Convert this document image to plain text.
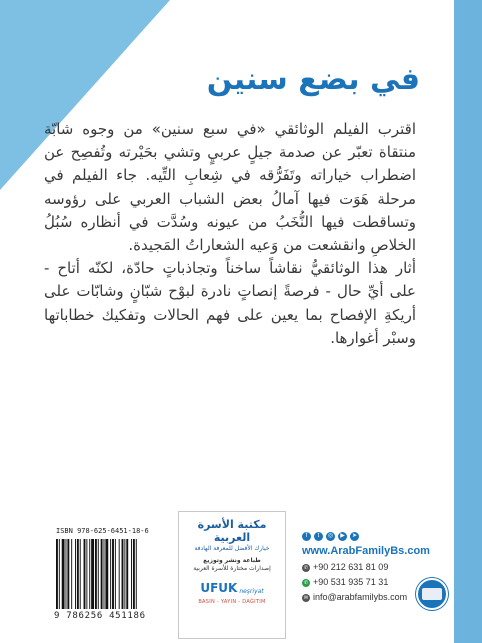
في بضع سنين

اقترب الفيلم الوثائقي «في سبع سنين» من وجوه شابّة منتقاة تعبّر عن صدمة جيلٍ عربيٍ وتشي بحَيْرته وتُفصِح عن اضطراب خياراته وتَفَرُّقه في شِعابِ التِّيه. جاء الفيلم في مرحلة هَوَت فيها آمالُ بعض الشباب العربي على رؤوسه وتساقطت فيها النُّخَبُ من عيونه وسُدَّت في أنظاره سُبُلُ الخلاصِ وانقشعت من وَعيه الشعاراتُ المَجيدة.

أثار هذا الوثائقيُّ نقاشاً ساخناً وتجاذباتٍ حادّة، لكنّه أتاح - على أيِّ حال - فرصةً إنصاتٍ نادرة لبوْح شبّانٍ وشابّات على أريكةِ الإفصاح بما يعين على فهم الحالات وتفكيك خطاباتها وسبْر أغوارها.

ISBN 978-625-6451-18-6
9 786256 451186
مكتبة الأسرة العربية
خيارك الأفضل للمعرفة الهادفة
طباعة ونشر وتوزيع
إصدارات مختارة للأسرة العربية
UFUK neşriyat
BASIN - YAYIN - DAĞITIM
f	t	◎	▶	➤
www.ArabFamilyBs.com
✆ +90 212 631 81 09
✆ +90 531 935 71 31
✉ info@arabfamilybs.com
